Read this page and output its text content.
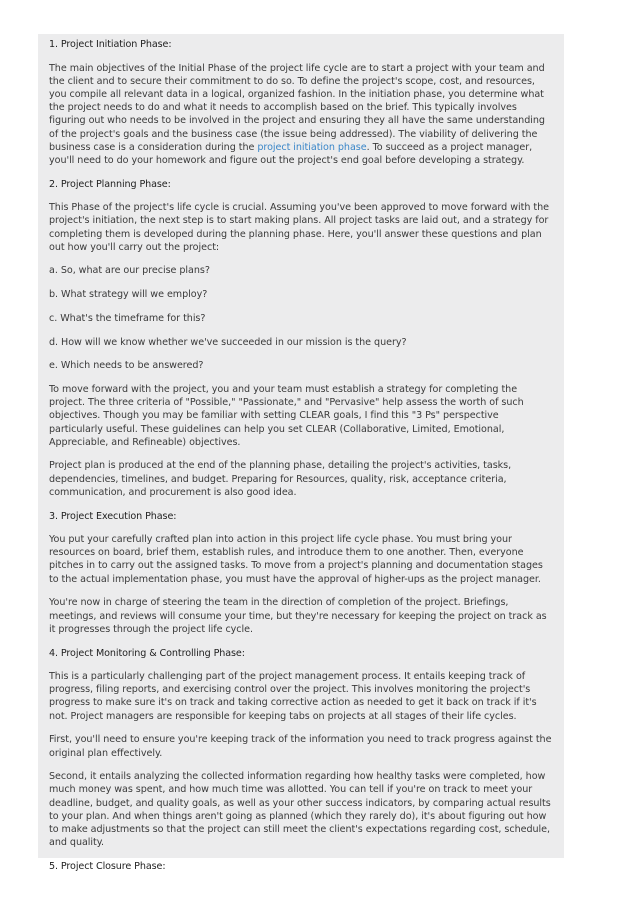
1. Project Initiation Phase:
The main objectives of the Initial Phase of the project life cycle are to start a project with your team and the client and to secure their commitment to do so. To define the project's scope, cost, and resources, you compile all relevant data in a logical, organized fashion. In the initiation phase, you determine what the project needs to do and what it needs to accomplish based on the brief. This typically involves figuring out who needs to be involved in the project and ensuring they all have the same understanding of the project's goals and the business case (the issue being addressed). The viability of delivering the business case is a consideration during the project initiation phase. To succeed as a project manager, you'll need to do your homework and figure out the project's end goal before developing a strategy.
2. Project Planning Phase:
This Phase of the project's life cycle is crucial. Assuming you've been approved to move forward with the project's initiation, the next step is to start making plans. All project tasks are laid out, and a strategy for completing them is developed during the planning phase. Here, you'll answer these questions and plan out how you'll carry out the project:
a. So, what are our precise plans?
b. What strategy will we employ?
c. What's the timeframe for this?
d. How will we know whether we've succeeded in our mission is the query?
e. Which needs to be answered?
To move forward with the project, you and your team must establish a strategy for completing the project. The three criteria of "Possible," "Passionate," and "Pervasive" help assess the worth of such objectives. Though you may be familiar with setting CLEAR goals, I find this "3 Ps" perspective particularly useful. These guidelines can help you set CLEAR (Collaborative, Limited, Emotional, Appreciable, and Refineable) objectives.
Project plan is produced at the end of the planning phase, detailing the project's activities, tasks, dependencies, timelines, and budget. Preparing for Resources, quality, risk, acceptance criteria, communication, and procurement is also good idea.
3. Project Execution Phase:
You put your carefully crafted plan into action in this project life cycle phase. You must bring your resources on board, brief them, establish rules, and introduce them to one another. Then, everyone pitches in to carry out the assigned tasks. To move from a project's planning and documentation stages to the actual implementation phase, you must have the approval of higher-ups as the project manager.
You're now in charge of steering the team in the direction of completion of the project. Briefings, meetings, and reviews will consume your time, but they're necessary for keeping the project on track as it progresses through the project life cycle.
4. Project Monitoring & Controlling Phase:
This is a particularly challenging part of the project management process. It entails keeping track of progress, filing reports, and exercising control over the project. This involves monitoring the project's progress to make sure it's on track and taking corrective action as needed to get it back on track if it's not. Project managers are responsible for keeping tabs on projects at all stages of their life cycles.
First, you'll need to ensure you're keeping track of the information you need to track progress against the original plan effectively.
Second, it entails analyzing the collected information regarding how healthy tasks were completed, how much money was spent, and how much time was allotted. You can tell if you're on track to meet your deadline, budget, and quality goals, as well as your other success indicators, by comparing actual results to your plan. And when things aren't going as planned (which they rarely do), it's about figuring out how to make adjustments so that the project can still meet the client's expectations regarding cost, schedule, and quality.
5. Project Closure Phase:
